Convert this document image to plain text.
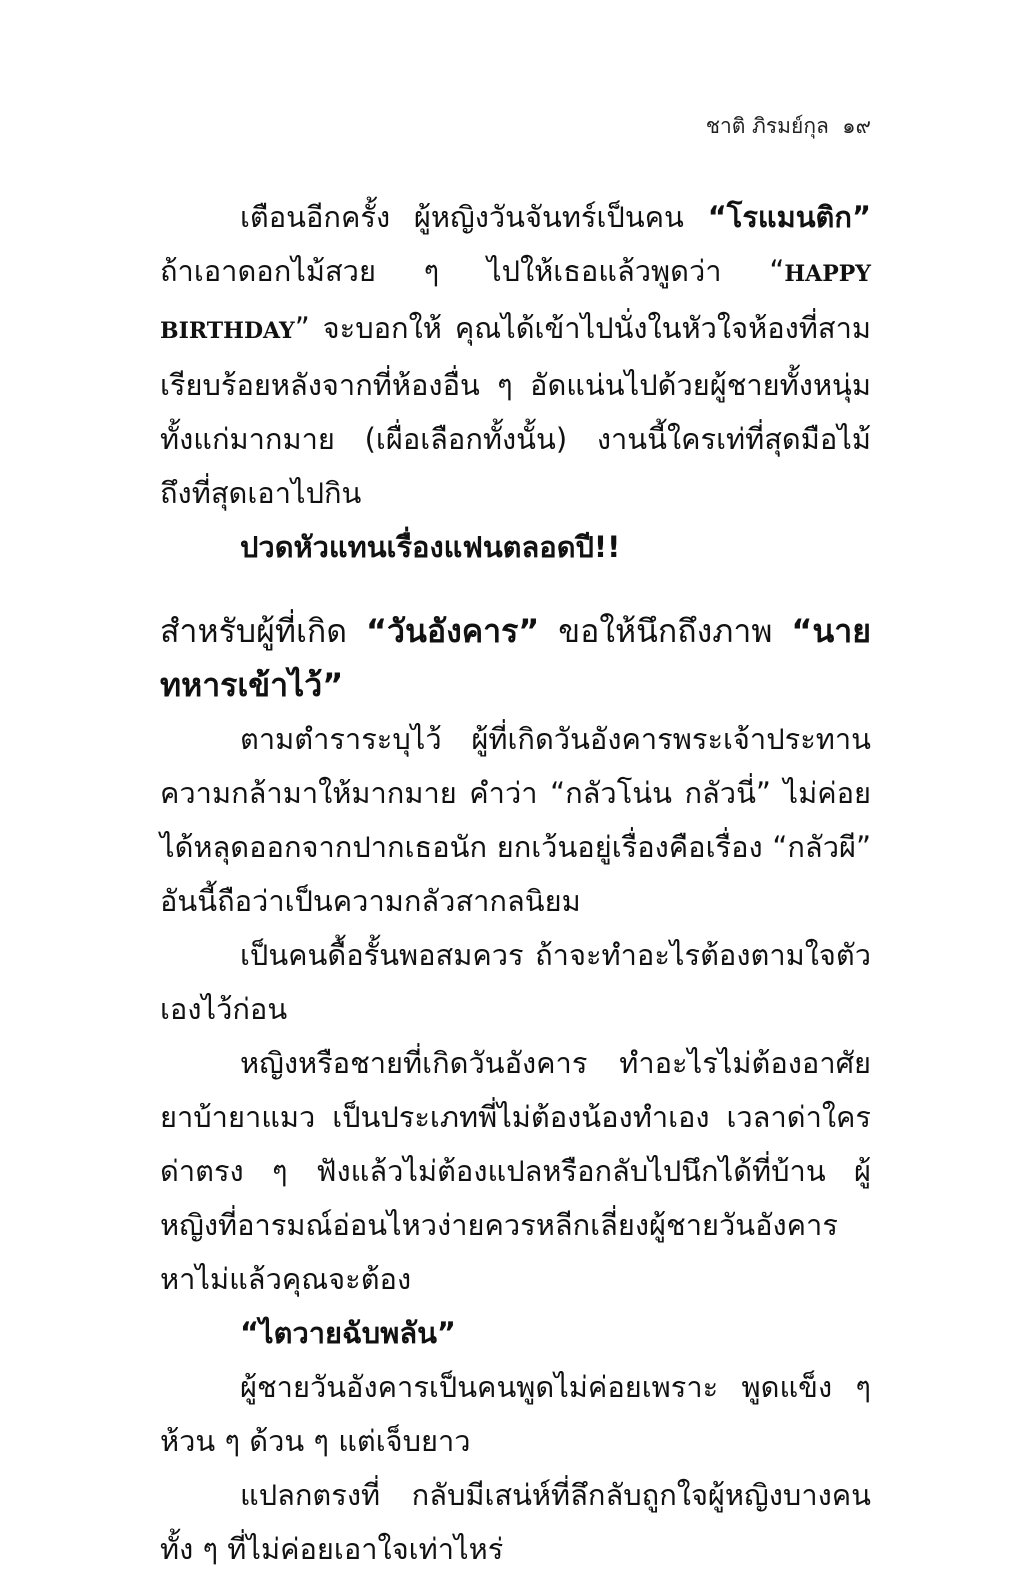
ชาติ ภิรมย์กุล ๑๙

เตือนอีกครั้ง ผู้หญิงวันจันทร์เป็นคน “โรแมนติก” ถ้าเอาดอกไม้สวย ๆ ไปให้เธอแล้วพูดว่า “HAPPY BIRTHDAY” จะบอกให้ คุณได้เข้าไปนั่งในหัวใจห้องที่สามเรียบร้อยหลังจากที่ห้องอื่น ๆ อัดแน่นไปด้วยผู้ชายทั้งหนุ่มทั้งแก่มากมาย (เผื่อเลือกทั้งนั้น) งานนี้ใครเท่ที่สุดมือไม้ถึงที่สุดเอาไปกิน

ปวดหัวแทนเรื่องแฟนตลอดปี!!

สำหรับผู้ที่เกิด “วันอังคาร” ขอให้นึกถึงภาพ “นายทหารเข้าไว้”

ตามตำราระบุไว้ ผู้ที่เกิดวันอังคารพระเจ้าประทานความกล้ามาให้มากมาย คำว่า “กลัวโน่น กลัวนี่” ไม่ค่อยได้หลุดออกจากปากเธอนัก ยกเว้นอยู่เรื่องคือเรื่อง “กลัวผี” อันนี้ถือว่าเป็นความกลัวสากลนิยม

เป็นคนดื้อรั้นพอสมควร ถ้าจะทำอะไรต้องตามใจตัวเองไว้ก่อน

หญิงหรือชายที่เกิดวันอังคาร ทำอะไรไม่ต้องอาศัยยาบ้ายาแมว เป็นประเภทพี่ไม่ต้องน้องทำเอง เวลาด่าใครด่าตรง ๆ ฟังแล้วไม่ต้องแปลหรือกลับไปนึกได้ที่บ้าน ผู้หญิงที่อารมณ์อ่อนไหวง่ายควรหลีกเลี่ยงผู้ชายวันอังคาร หาไม่แล้วคุณจะต้อง

“ไตวายฉับพลัน”

ผู้ชายวันอังคารเป็นคนพูดไม่ค่อยเพราะ พูดแข็ง ๆ ห้วน ๆ ด้วน ๆ แต่เจ็บยาว

แปลกตรงที่ กลับมีเสน่ห์ที่ลึกลับถูกใจผู้หญิงบางคนทั้ง ๆ ที่ไม่ค่อยเอาใจเท่าไหร่
